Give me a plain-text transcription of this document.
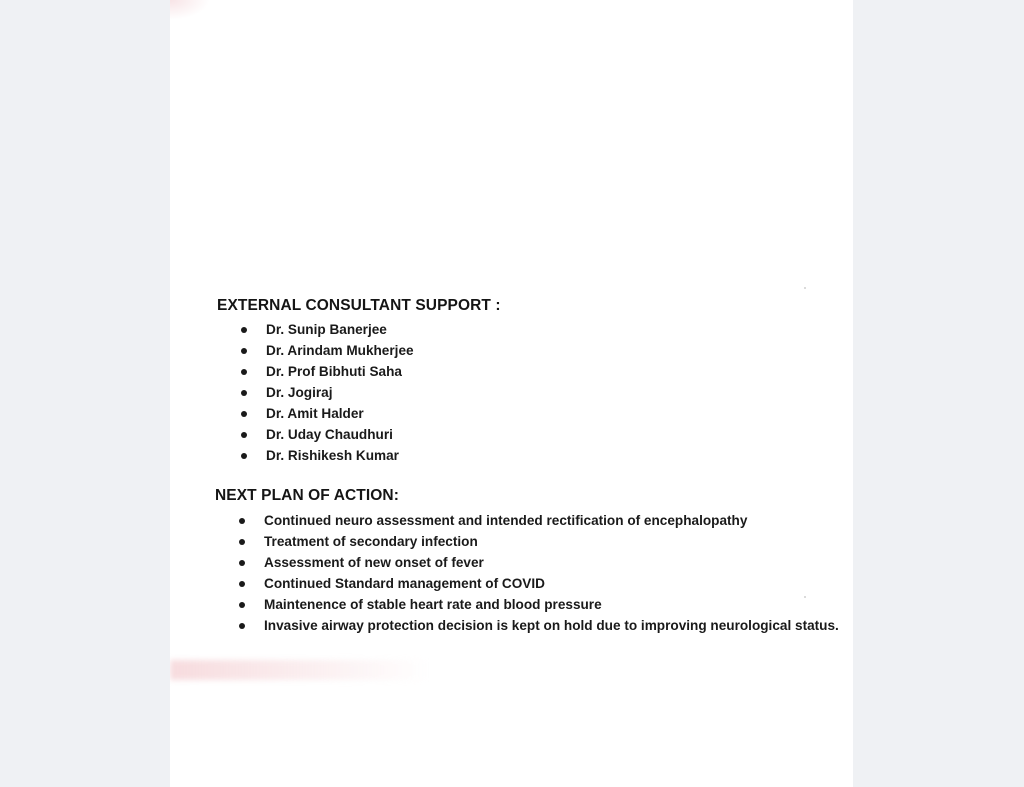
EXTERNAL CONSULTANT SUPPORT :
Dr. Sunip Banerjee
Dr. Arindam Mukherjee
Dr. Prof Bibhuti Saha
Dr. Jogiraj
Dr. Amit Halder
Dr. Uday Chaudhuri
Dr. Rishikesh Kumar
NEXT PLAN OF ACTION:
Continued neuro assessment and intended rectification of encephalopathy
Treatment of secondary infection
Assessment of new onset of fever
Continued Standard management of COVID
Maintenence of stable heart rate and blood pressure
Invasive airway protection decision is kept on hold due to improving neurological status.
